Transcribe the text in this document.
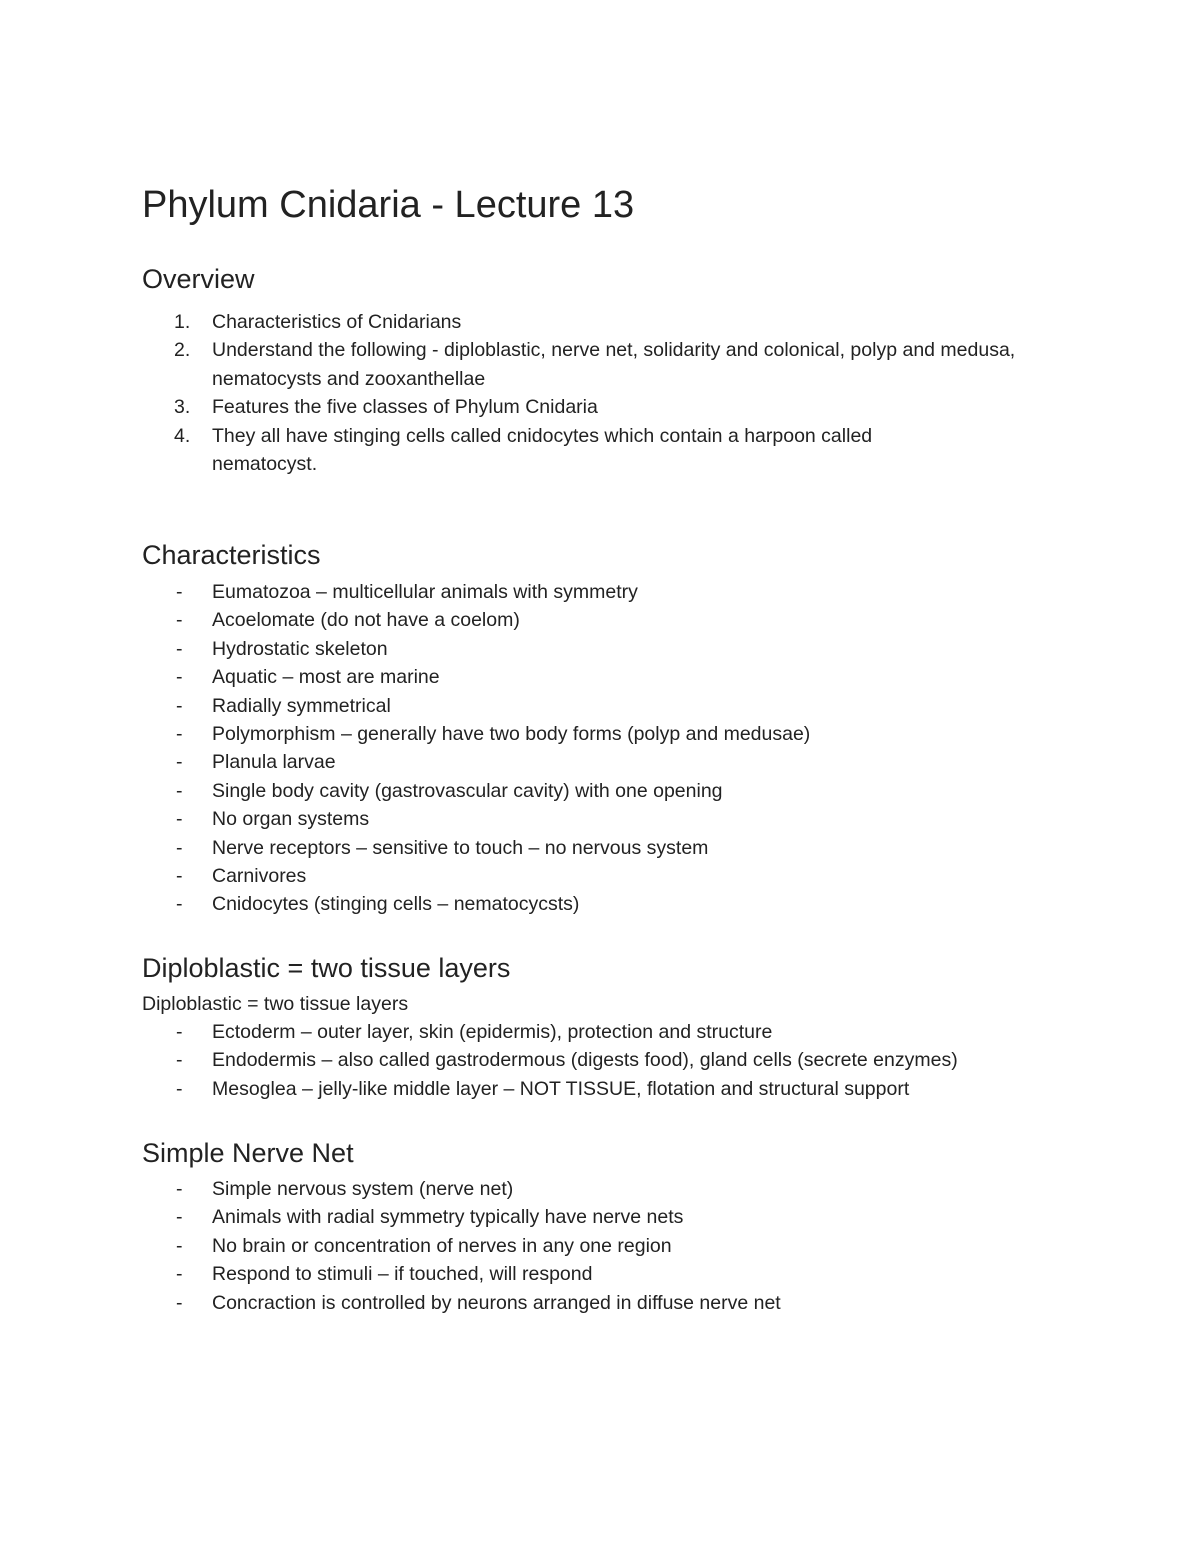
Phylum Cnidaria - Lecture 13
Overview
1. Characteristics of Cnidarians
2. Understand the following - diploblastic, nerve net, solidarity and colonical, polyp and medusa, nematocysts and zooxanthellae
3. Features the five classes of Phylum Cnidaria
4. They all have stinging cells called cnidocytes which contain a harpoon called nematocyst.
Characteristics
- Eumatozoa – multicellular animals with symmetry
- Acoelomate (do not have a coelom)
- Hydrostatic skeleton
- Aquatic – most are marine
- Radially symmetrical
- Polymorphism – generally have two body forms (polyp and medusae)
- Planula larvae
- Single body cavity (gastrovascular cavity) with one opening
- No organ systems
- Nerve receptors – sensitive to touch – no nervous system
- Carnivores
- Cnidocytes (stinging cells – nematocycsts)
Diploblastic = two tissue layers

Diploblastic = two tissue layers

- Ectoderm – outer layer, skin (epidermis), protection and structure
- Endodermis – also called gastrodermous (digests food), gland cells (secrete enzymes)
- Mesoglea – jelly-like middle layer – NOT TISSUE, flotation and structural support
Simple Nerve Net
- Simple nervous system (nerve net)
- Animals with radial symmetry typically have nerve nets
- No brain or concentration of nerves in any one region
- Respond to stimuli – if touched, will respond
- Concraction is controlled by neurons arranged in diffuse nerve net
